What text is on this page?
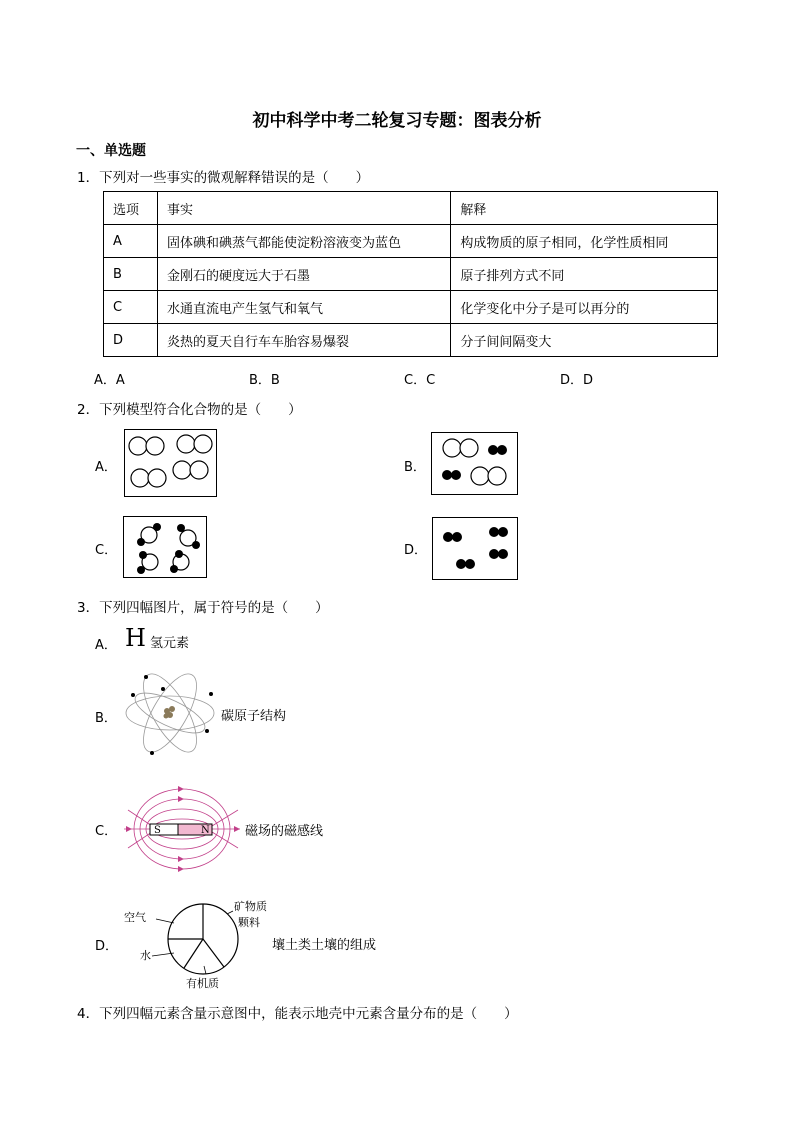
初中科学中考二轮复习专题：图表分析
一、单选题
1．下列对一些事实的微观解释错误的是（　　）
选项	事实	解释
A	固体碘和碘蒸气都能使淀粉溶液变为蓝色	构成物质的原子相同，化学性质相同
B	金刚石的硬度远大于石墨	原子排列方式不同
C	水通直流电产生氢气和氧气	化学变化中分子是可以再分的
D	炎热的夏天自行车车胎容易爆裂	分子间间隔变大
A．A	B．B	C．C	D．D
2．下列模型符合化合物的是（　　）
A．	B．
C．	D．
3．下列四幅图片，属于符号的是（　　）
A． H 氢元素
B．	碳原子结构
C．	S	N	磁场的磁感线
D．
空气
矿物质
颗料
水
有机质
壤土类土壤的组成
4．下列四幅元素含量示意图中，能表示地壳中元素含量分布的是（　　）
